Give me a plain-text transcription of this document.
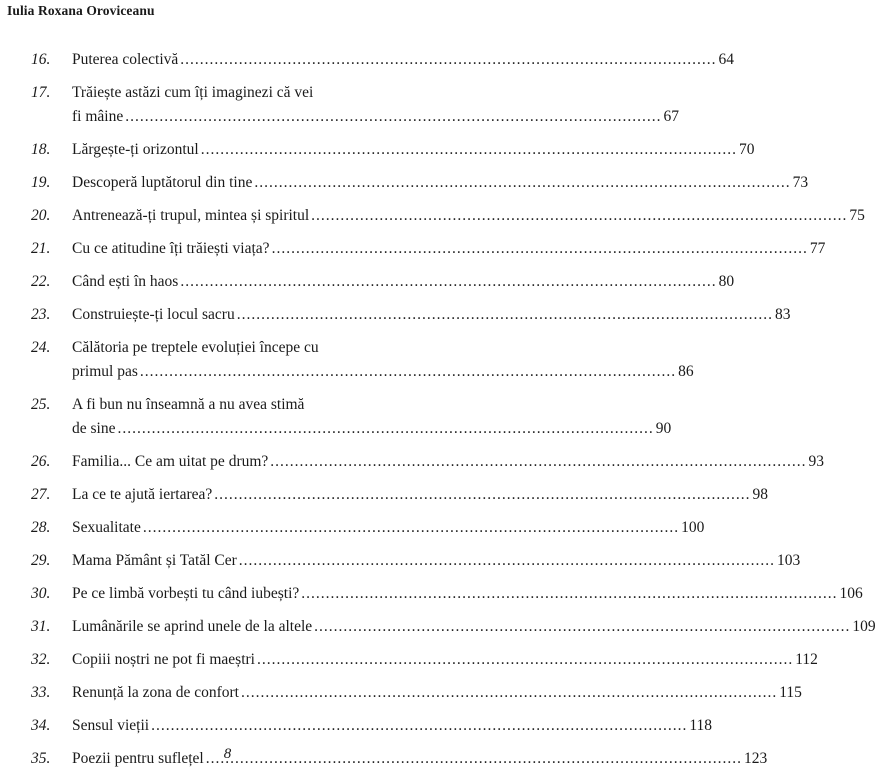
Iulia Roxana Oroviceanu
16.	Puterea colectivă .....	64
17.	Trăiește astăzi cum îți imaginezi că vei
fi mâine .....	67
18.	Lărgește-ți orizontul .....	70
19.	Descoperă luptătorul din tine .....	73
20.	Antrenează-ți trupul, mintea și spiritul .....	75
21.	Cu ce atitudine îți trăiești viața? .....	77
22.	Când ești în haos .....	80
23.	Construiește-ți locul sacru .....	83
24.	Călătoria pe treptele evoluției începe cu
primul pas .....	86
25.	A fi bun nu înseamnă a nu avea stimă
de sine .....	90
26.	Familia... Ce am uitat pe drum? .....	93
27.	La ce te ajută iertarea? .....	98
28.	Sexualitate .....	100
29.	Mama Pământ și Tatăl Cer .....	103
30.	Pe ce limbă vorbești tu când iubești? .....	106
31.	Lumânările se aprind unele de la altele .....	109
32.	Copiii noștri ne pot fi maeștri .....	112
33.	Renunță la zona de confort .....	115
34.	Sensul vieții .....	118
35.	Poezii pentru suflețel .....	123
8
